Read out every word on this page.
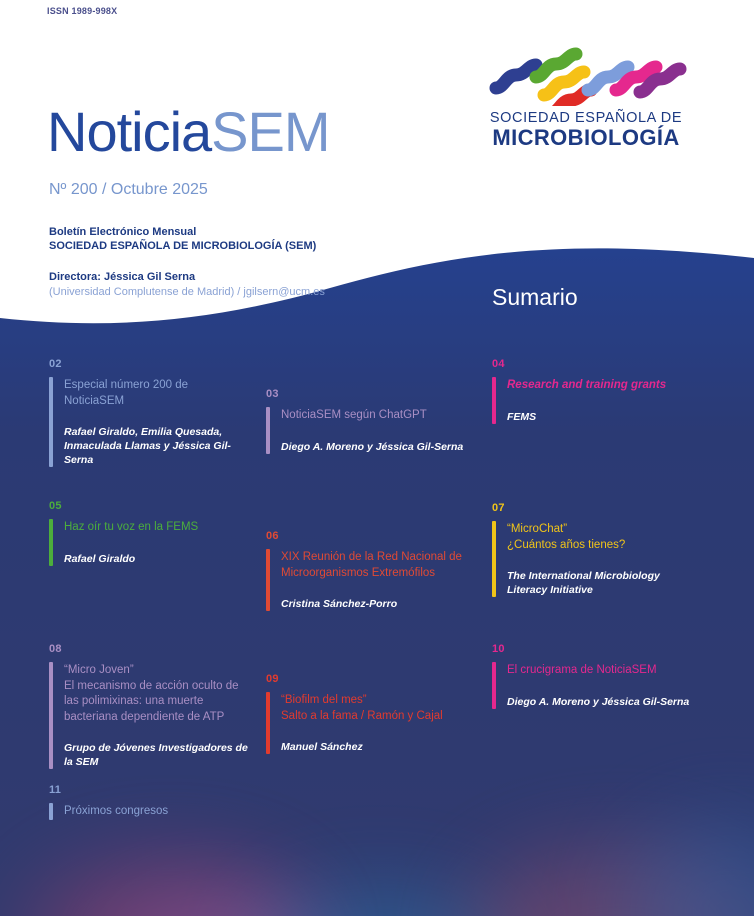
ISSN 1989-998X
NoticiaSEM
Nº 200 / Octubre 2025
Boletín Electrónico Mensual
SOCIEDAD ESPAÑOLA DE MICROBIOLOGÍA (SEM)
Directora: Jéssica Gil Serna
(Universidad Complutense de Madrid) / jgilsern@ucm.es
SOCIEDAD ESPAÑOLA DE
MICROBIOLOGÍA
Sumario
02
Especial número 200 de NoticiaSEM
Rafael Giraldo, Emilia Quesada, Inmaculada Llamas y Jéssica Gil-Serna
03
NoticiaSEM según ChatGPT
Diego A. Moreno y Jéssica Gil-Serna
04
Research and training grants
FEMS
05
Haz oír tu voz en la FEMS
Rafael Giraldo
06
XIX Reunión de la Red Nacional de Microorganismos Extremófilos
Cristina Sánchez-Porro
07
“MicroChat”
¿Cuántos años tienes?
The International Microbiology Literacy Initiative
08
“Micro Joven”
El mecanismo de acción oculto de las polimixinas: una muerte bacteriana dependiente de ATP
Grupo de Jóvenes Investigadores de la SEM
09
“Biofilm del mes”
Salto a la fama / Ramón y Cajal
Manuel Sánchez
10
El crucigrama de NoticiaSEM
Diego A. Moreno y Jéssica Gil-Serna
11
Próximos congresos
